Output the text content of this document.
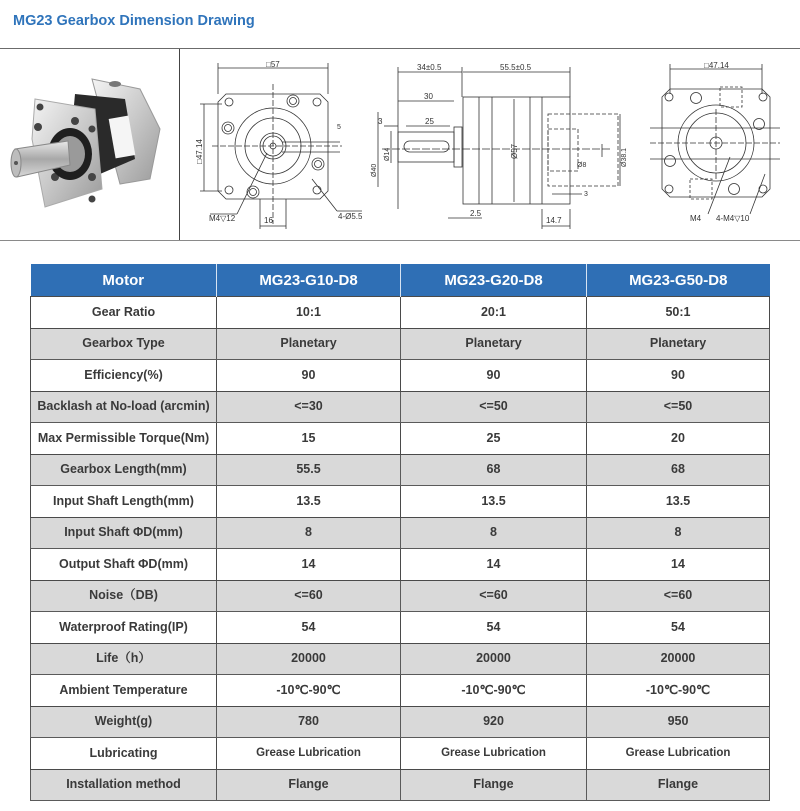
MG23 Gearbox Dimension Drawing
□57
□47.14
5
16
M4▽12	4-Ø5.5
34±0.5	55.5±0.5
30
3	25
Ø57
Ø40
Ø14
Ø8	Ø38.1
3
2.5
14.7
□47.14
M4 4-M4▽10
Motor	MG23-G10-D8	MG23-G20-D8	MG23-G50-D8
Gear Ratio	10:1	20:1	50:1
Gearbox Type	Planetary	Planetary	Planetary
Efficiency(%)	90	90	90
Backlash at No-load (arcmin)	<=30	<=50	<=50
Max Permissible Torque(Nm)	15	25	20
Gearbox Length(mm)	55.5	68	68
Input Shaft Length(mm)	13.5	13.5	13.5
Input Shaft ΦD(mm)	8	8	8
Output Shaft ΦD(mm)	14	14	14
Noise（DB)	<=60	<=60	<=60
Waterproof Rating(IP)	54	54	54
Life（h）	20000	20000	20000
Ambient Temperature	-10℃-90℃	-10℃-90℃	-10℃-90℃
Weight(g)	780	920	950
Lubricating	Grease Lubrication	Grease Lubrication	Grease Lubrication
Installation method	Flange	Flange	Flange
